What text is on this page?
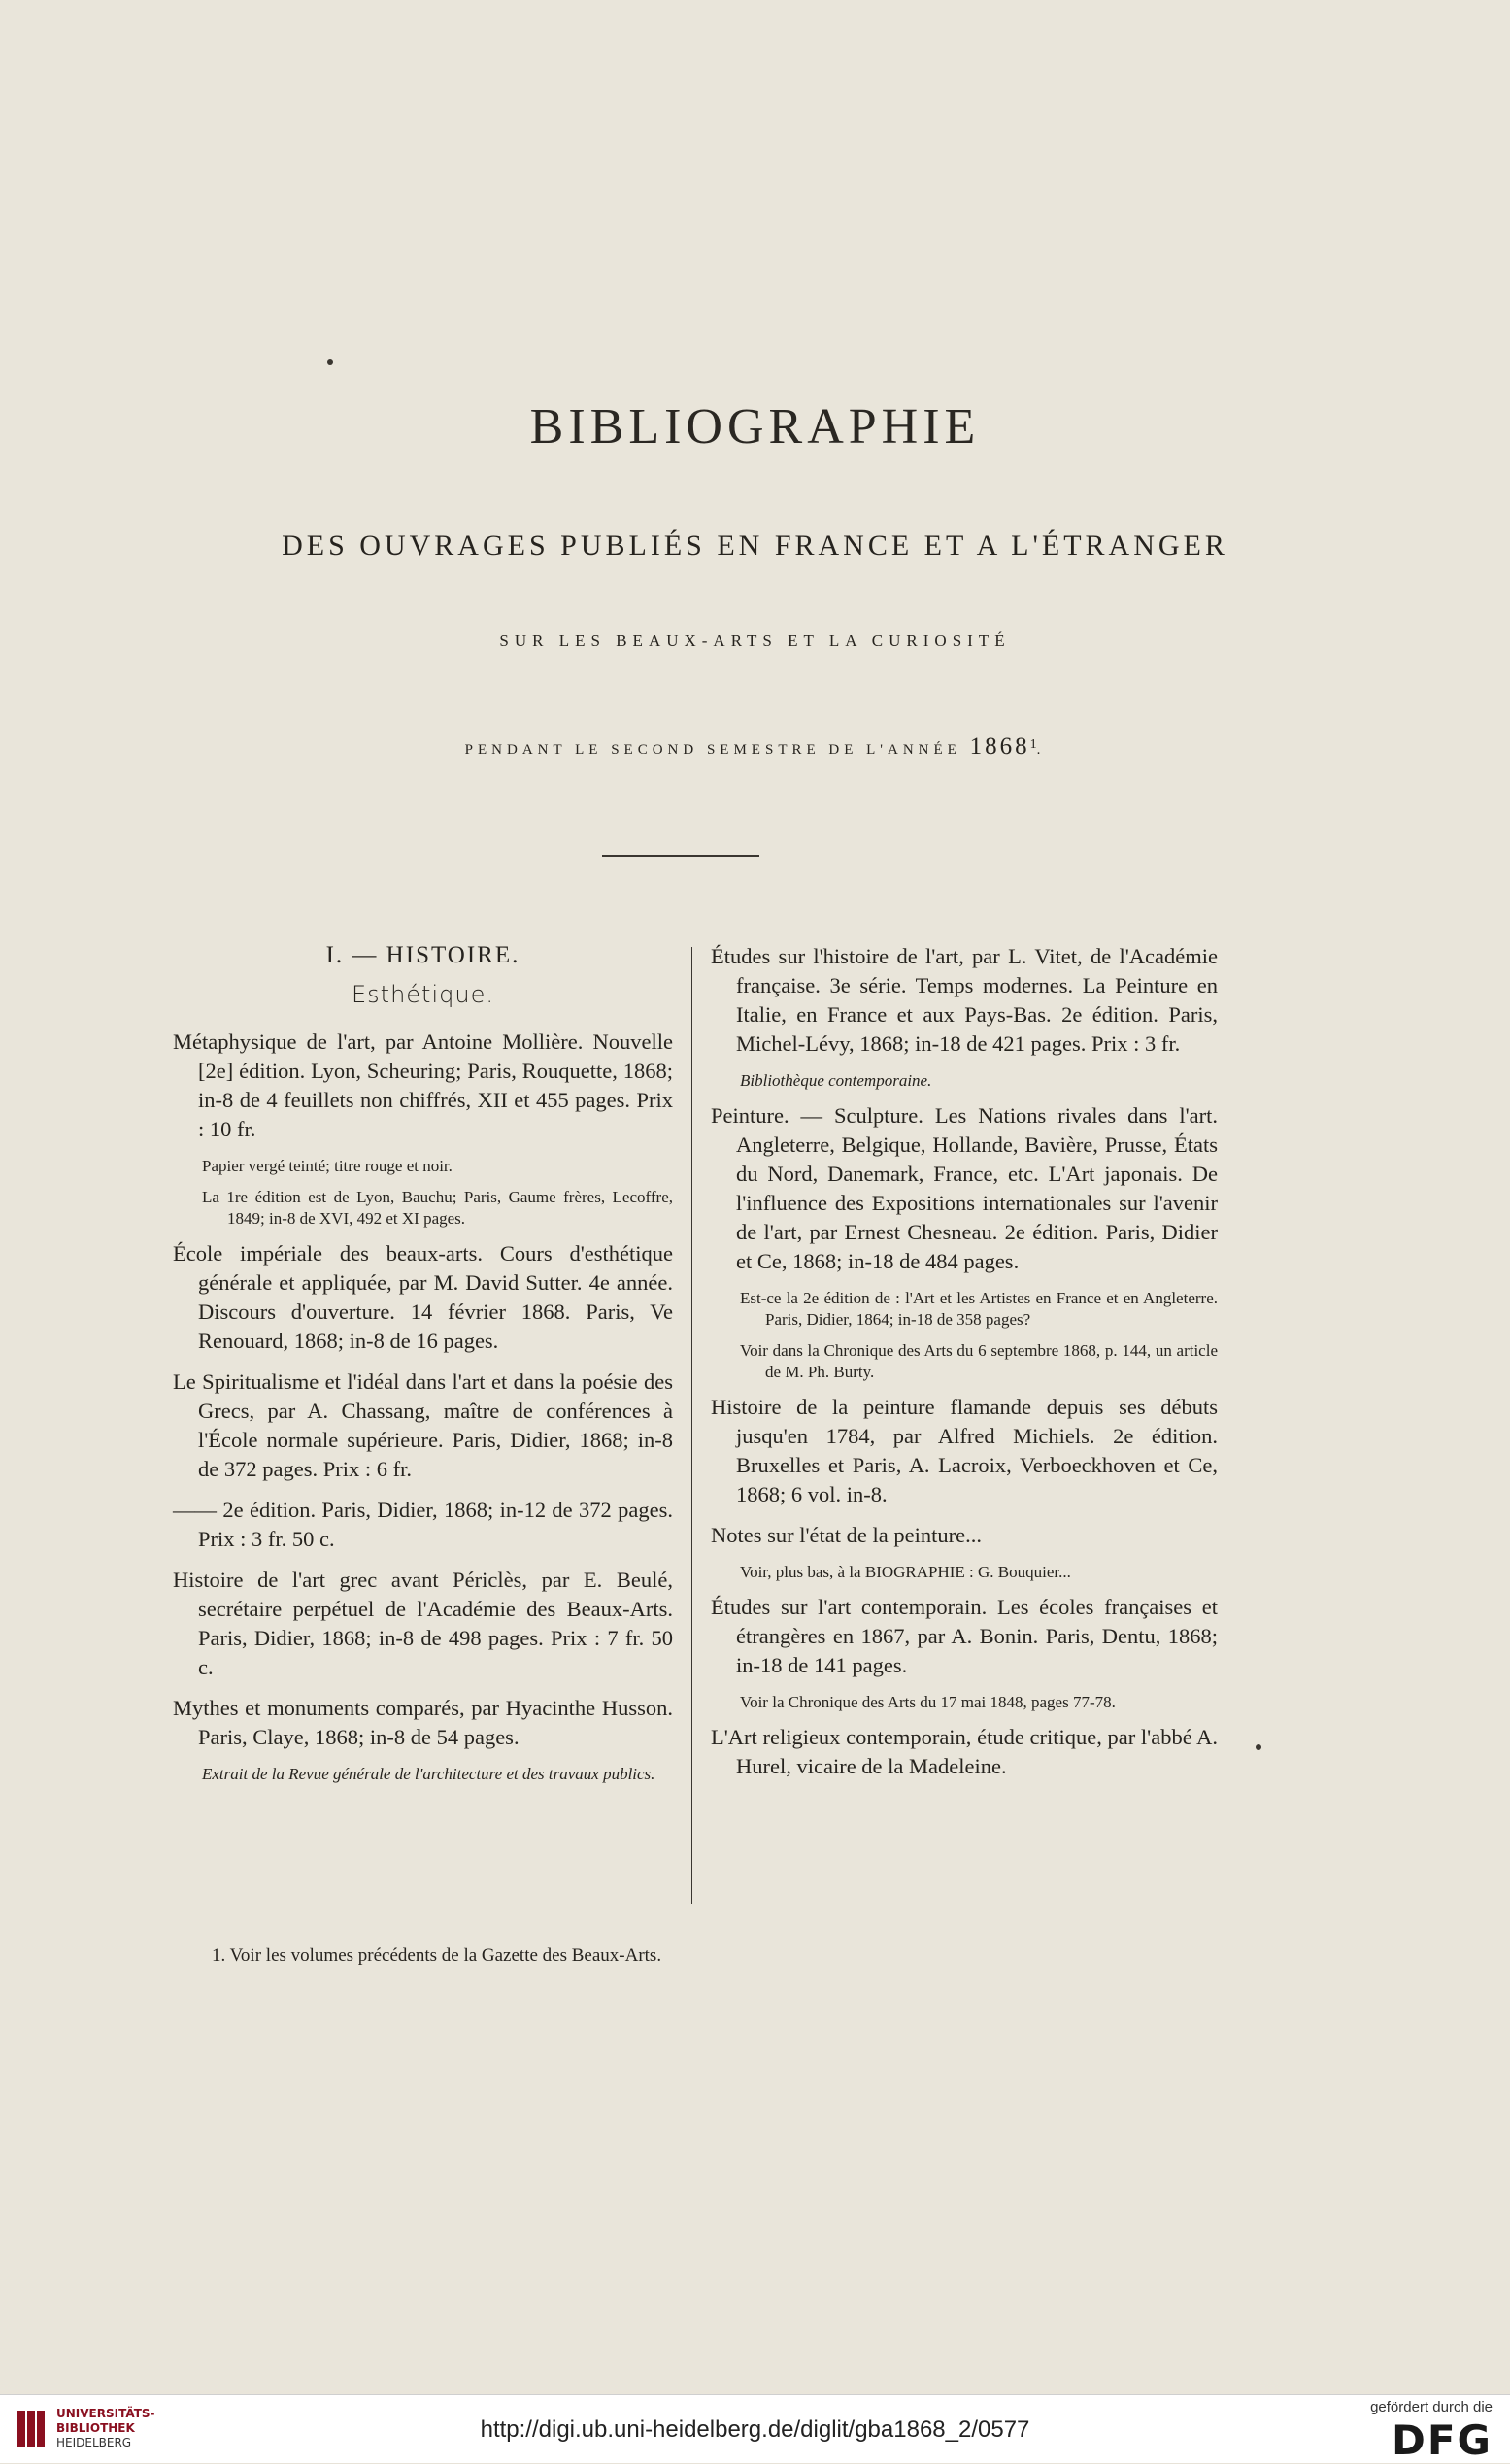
BIBLIOGRAPHIE
DES OUVRAGES PUBLIÉS EN FRANCE ET A L'ÉTRANGER
SUR LES BEAUX-ARTS ET LA CURIOSITÉ
PENDANT LE SECOND SEMESTRE DE L'ANNÉE 1868$^1$.
I. — HISTOIRE.
Esthétique.

Métaphysique de l'art, par Antoine Mollière. Nouvelle [2e] édition. Lyon, Scheuring; Paris, Rouquette, 1868; in-8 de 4 feuillets non chiffrés, XII et 455 pages. Prix : 10 fr.

Papier vergé teinté; titre rouge et noir.

La 1re édition est de Lyon, Bauchu; Paris, Gaume frères, Lecoffre, 1849; in-8 de XVI, 492 et XI pages.

École impériale des beaux-arts. Cours d'esthétique générale et appliquée, par M. David Sutter. 4e année. Discours d'ouverture. 14 février 1868. Paris, Ve Renouard, 1868; in-8 de 16 pages.

Le Spiritualisme et l'idéal dans l'art et dans la poésie des Grecs, par A. Chassang, maître de conférences à l'École normale supérieure. Paris, Didier, 1868; in-8 de 372 pages. Prix : 6 fr.

—— 2e édition. Paris, Didier, 1868; in-12 de 372 pages. Prix : 3 fr. 50 c.

Histoire de l'art grec avant Périclès, par E. Beulé, secrétaire perpétuel de l'Académie des Beaux-Arts. Paris, Didier, 1868; in-8 de 498 pages. Prix : 7 fr. 50 c.

Mythes et monuments comparés, par Hyacinthe Husson. Paris, Claye, 1868; in-8 de 54 pages.

Extrait de la Revue générale de l'architecture et des travaux publics.

Études sur l'histoire de l'art, par L. Vitet, de l'Académie française. 3e série. Temps modernes. La Peinture en Italie, en France et aux Pays-Bas. 2e édition. Paris, Michel-Lévy, 1868; in-18 de 421 pages. Prix : 3 fr.

Bibliothèque contemporaine.

Peinture. — Sculpture. Les Nations rivales dans l'art. Angleterre, Belgique, Hollande, Bavière, Prusse, États du Nord, Danemark, France, etc. L'Art japonais. De l'influence des Expositions internationales sur l'avenir de l'art, par Ernest Chesneau. 2e édition. Paris, Didier et Ce, 1868; in-18 de 484 pages.

Est-ce la 2e édition de : l'Art et les Artistes en France et en Angleterre. Paris, Didier, 1864; in-18 de 358 pages?

Voir dans la Chronique des Arts du 6 septembre 1868, p. 144, un article de M. Ph. Burty.

Histoire de la peinture flamande depuis ses débuts jusqu'en 1784, par Alfred Michiels. 2e édition. Bruxelles et Paris, A. Lacroix, Verboeckhoven et Ce, 1868; 6 vol. in-8.

Notes sur l'état de la peinture...

Voir, plus bas, à la BIOGRAPHIE : G. Bouquier...

Études sur l'art contemporain. Les écoles françaises et étrangères en 1867, par A. Bonin. Paris, Dentu, 1868; in-18 de 141 pages.

Voir la Chronique des Arts du 17 mai 1848, pages 77-78.

L'Art religieux contemporain, étude critique, par l'abbé A. Hurel, vicaire de la Madeleine.

1. Voir les volumes précédents de la Gazette des Beaux-Arts.
UNIVERSITÄTS-
BIBLIOTHEK
HEIDELBERG	http://digi.ub.uni-heidelberg.de/diglit/gba1868_2/0577
gefördert durch die
DFG
